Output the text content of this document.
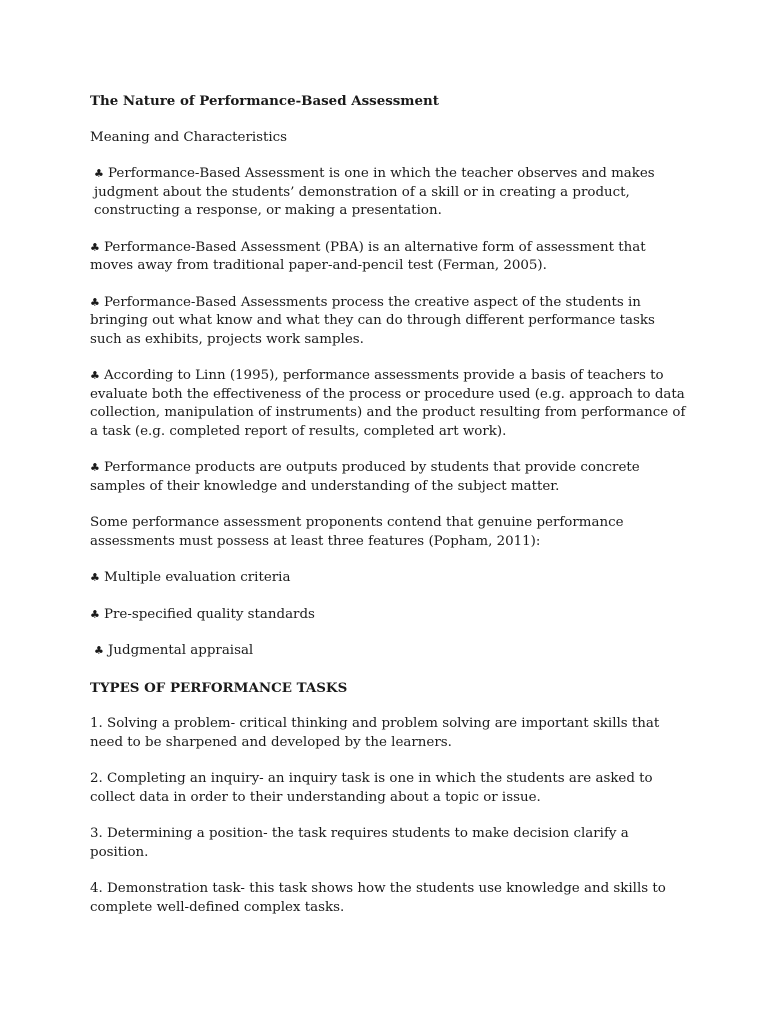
The Nature of Performance-Based Assessment
Meaning and Characteristics

♣ Performance-Based Assessment is one in which the teacher observes and makes judgment about the students’ demonstration of a skill or in creating a product, constructing a response, or making a presentation.

♣ Performance-Based Assessment (PBA) is an alternative form of assessment that moves away from traditional paper-and-pencil test (Ferman, 2005).

♣ Performance-Based Assessments process the creative aspect of the students in bringing out what know and what they can do through different performance tasks such as exhibits, projects work samples.

♣ According to Linn (1995), performance assessments provide a basis of teachers to evaluate both the effectiveness of the process or procedure used (e.g. approach to data collection, manipulation of instruments) and the product resulting from performance of a task (e.g. completed report of results, completed art work).

♣ Performance products are outputs produced by students that provide concrete samples of their knowledge and understanding of the subject matter.

Some performance assessment proponents contend that genuine performance assessments must possess at least three features (Popham, 2011):

♣ Multiple evaluation criteria

♣ Pre-specified quality standards

♣ Judgmental appraisal

TYPES OF PERFORMANCE TASKS

1. Solving a problem- critical thinking and problem solving are important skills that need to be sharpened and developed by the learners.

2. Completing an inquiry- an inquiry task is one in which the students are asked to collect data in order to their understanding about a topic or issue.

3. Determining a position- the task requires students to make decision clarify a position.

4. Demonstration task- this task shows how the students use knowledge and skills to complete well-defined complex tasks.
